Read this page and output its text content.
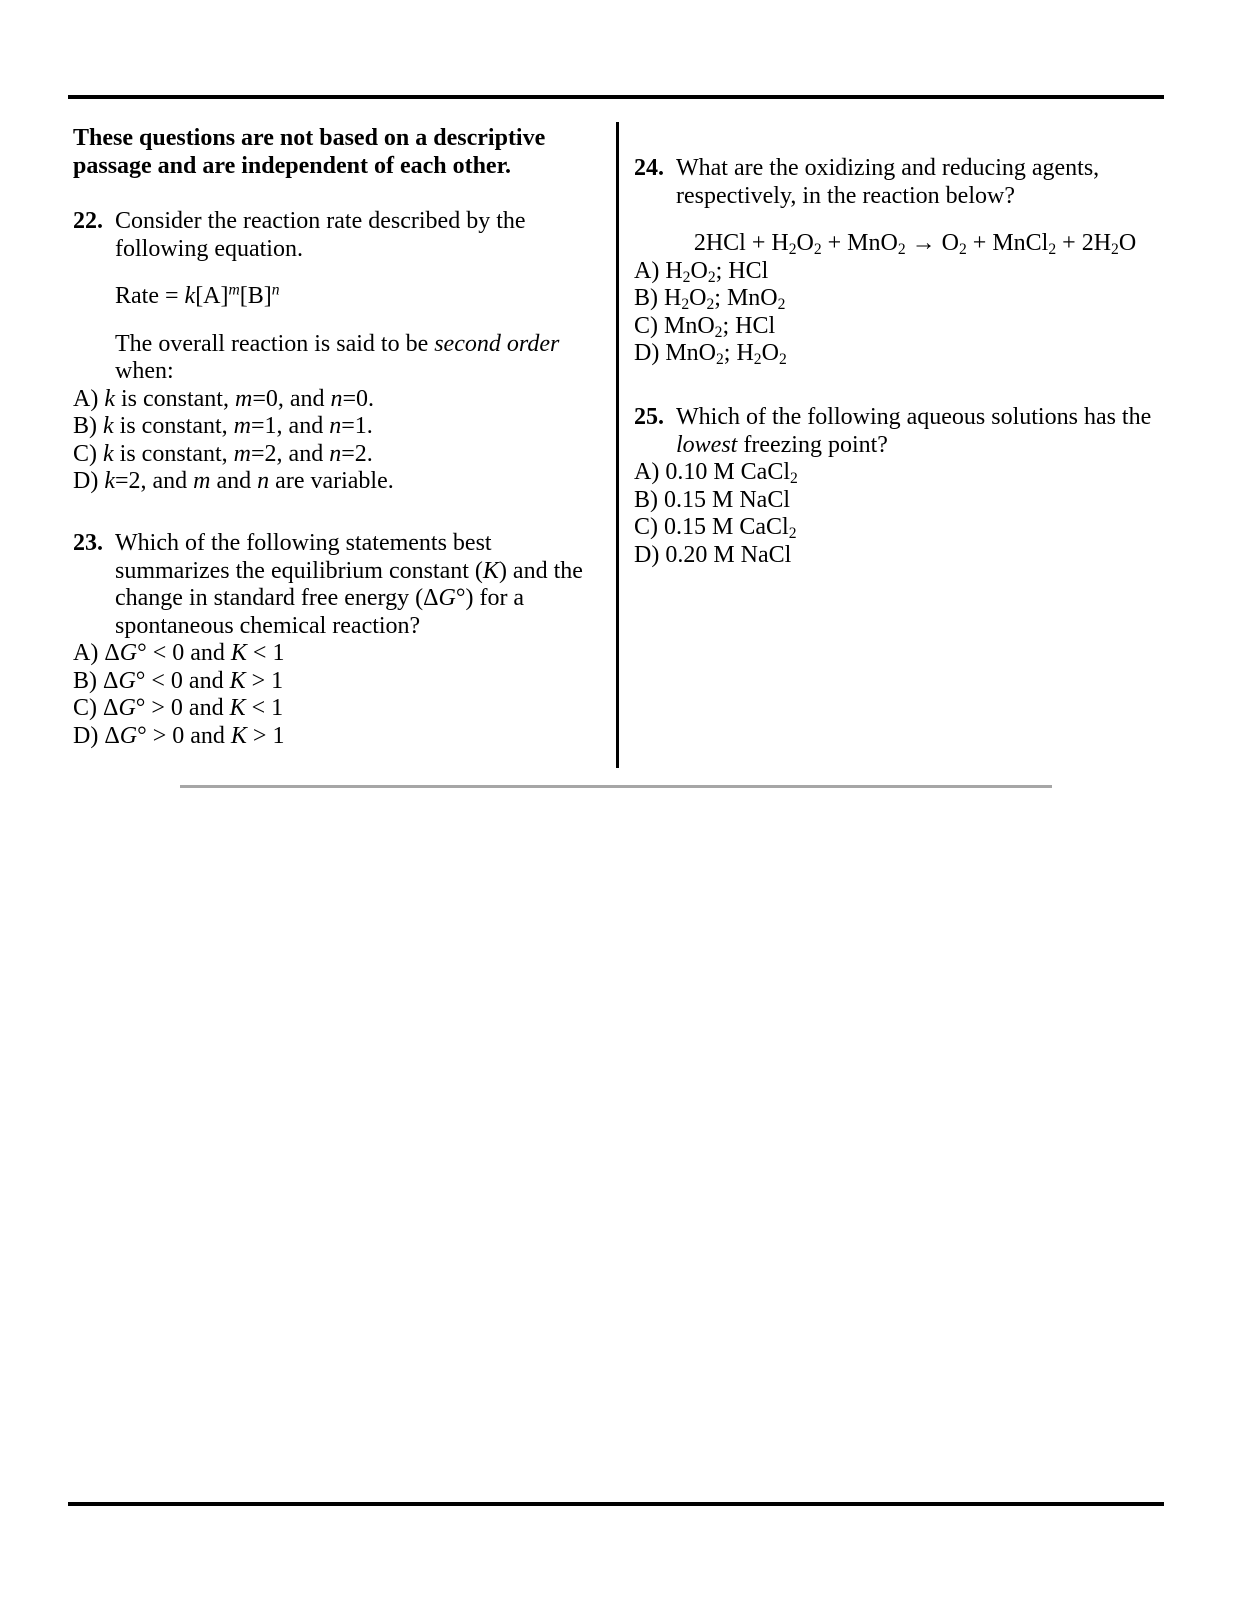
These questions are not based on a descriptive passage and are independent of each other.
22. Consider the reaction rate described by the following equation.
Rate = $k[A]^m[B]^n$
The overall reaction is said to be second order when:
A) k is constant, m=0, and n=0.
B) k is constant, m=1, and n=1.
C) k is constant, m=2, and n=2.
D) k=2, and m and n are variable.
23. Which of the following statements best summarizes the equilibrium constant (K) and the change in standard free energy (ΔG°) for a spontaneous chemical reaction?
A) ΔG° < 0 and K < 1
B) ΔG° < 0 and K > 1
C) ΔG° > 0 and K < 1
D) ΔG° > 0 and K > 1
24. What are the oxidizing and reducing agents, respectively, in the reaction below?
$2HCl + H_2O_2 + MnO_2 \to O_2$ + MnCl$_2$ + $2H_2O$
A) $H_2O_2$; HCl
B) $H_2O_2$; MnO$_2$
C) MnO$_2$; HCl
D) MnO$_2$; $H_2O_2$
25. Which of the following aqueous solutions has the lowest freezing point?
A) 0.10 M CaCl$_2$
B) 0.15 M NaCl
C) 0.15 M CaCl$_2$
D) 0.20 M NaCl
